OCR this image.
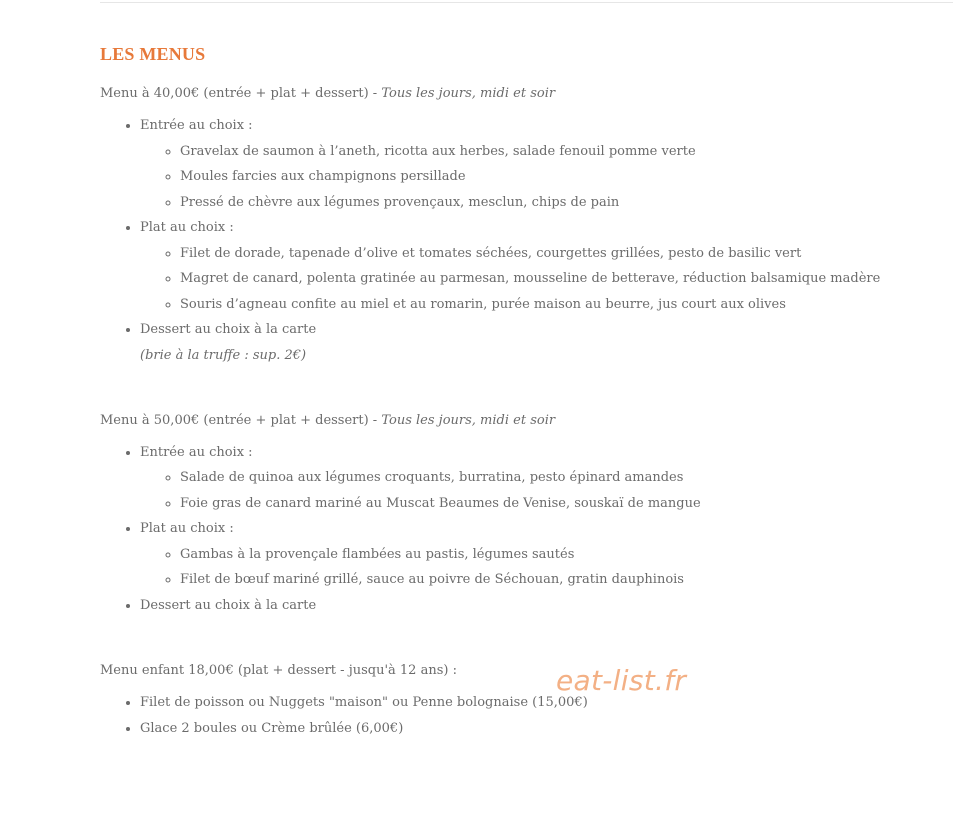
LES MENUS

Menu à 40,00€ (entrée + plat + dessert) - Tous les jours, midi et soir

• Entrée au choix :
◦ Gravelax de saumon à l’aneth, ricotta aux herbes, salade fenouil pomme verte
◦ Moules farcies aux champignons persillade
◦ Pressé de chèvre aux légumes provençaux, mesclun, chips de pain
• Plat au choix :
◦ Filet de dorade, tapenade d’olive et tomates séchées, courgettes grillées, pesto de basilic vert
◦ Magret de canard, polenta gratinée au parmesan, mousseline de betterave, réduction balsamique madère
◦ Souris d’agneau confite au miel et au romarin, purée maison au beurre, jus court aux olives
• Dessert au choix à la carte
(brie à la truffe : sup. 2€)

Menu à 50,00€ (entrée + plat + dessert) - Tous les jours, midi et soir

• Entrée au choix :
◦ Salade de quinoa aux légumes croquants, burratina, pesto épinard amandes
◦ Foie gras de canard mariné au Muscat Beaumes de Venise, souskaï de mangue
• Plat au choix :
◦ Gambas à la provençale flambées au pastis, légumes sautés
◦ Filet de bœuf mariné grillé, sauce au poivre de Séchouan, gratin dauphinois
• Dessert au choix à la carte

Menu enfant 18,00€ (plat + dessert - jusqu'à 12 ans) :

• Filet de poisson ou Nuggets "maison" ou Penne bolognaise (15,00€)
• Glace 2 boules ou Crème brûlée (6,00€)
eat-list.fr
